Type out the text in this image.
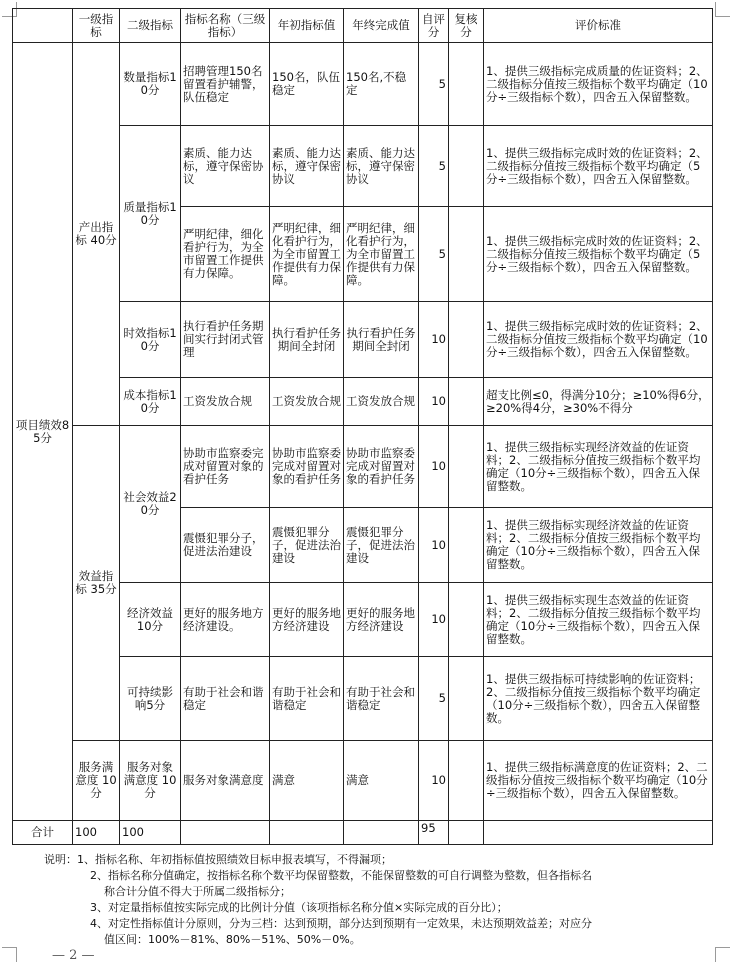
	一级指标	二级指标	指标名称（三级指标）	年初指标值	年终完成值	自评分	复核分	评价标准
项目绩效85分	产出指标 40分	数量指标10分	招聘管理150名留置看护辅警，队伍稳定	150名，队伍稳定	150名,不稳定	5		1、提供三级指标完成质量的佐证资料；2、二级指标分值按三级指标个数平均确定（10分÷三级指标个数），四舍五入保留整数。
		质量指标10分	素质、能力达标，遵守保密协议	素质、能力达标，遵守保密协议	素质、能力达标，遵守保密协议	5		1、提供三级指标完成时效的佐证资料；2、二级指标分值按三级指标个数平均确定（5分÷三级指标个数），四舍五入保留整数。
			严明纪律，细化看护行为，为全市留置工作提供有力保障。	严明纪律，细化看护行为，为全市留置工作提供有力保障。	严明纪律，细化看护行为，为全市留置工作提供有力保障。	5		1、提供三级指标完成时效的佐证资料；2、二级指标分值按三级指标个数平均确定（5分÷三级指标个数），四舍五入保留整数。
		时效指标10分	执行看护任务期间实行封闭式管理	执行看护任务期间全封闭	执行看护任务期间全封闭	10		1、提供三级指标完成时效的佐证资料；2、二级指标分值按三级指标个数平均确定（10分÷三级指标个数），四舍五入保留整数。
		成本指标10分	工资发放合规	工资发放合规	工资发放合规	10		超支比例≤0，得满分10分；≥10%得6分，≥20%得4分，≥30%不得分
	效益指标 35分	社会效益20分	协助市监察委完成对留置对象的看护任务	协助市监察委完成对留置对象的看护任务	协助市监察委完成对留置对象的看护任务	10		1、提供三级指标实现经济效益的佐证资料；2、二级指标分值按三级指标个数平均确定（10分÷三级指标个数），四舍五入保留整数。
			震慑犯罪分子，促进法治建设	震慑犯罪分子，促进法治建设	震慑犯罪分子，促进法治建设	10		1、提供三级指标实现经济效益的佐证资料；2、二级指标分值按三级指标个数平均确定（10分÷三级指标个数），四舍五入保留整数。
		经济效益 10分	更好的服务地方经济建设。	更好的服务地方经济建设	更好的服务地方经济建设	10		1、提供三级指标实现生态效益的佐证资料；2、二级指标分值按三级指标个数平均确定（10分÷三级指标个数），四舍五入保留整数。
		可持续影响5分	有助于社会和谐稳定	有助于社会和谐稳定	有助于社会和谐稳定	5		1、提供三级指标可持续影响的佐证资料；2、二级指标分值按三级指标个数平均确定（10分÷三级指标个数），四舍五入保留整数。
	服务满意度 10分	服务对象满意度 10分	服务对象满意度	满意	满意	10		1、提供三级指标满意度的佐证资料；2、二级指标分值按三级指标个数平均确定（10分÷三级指标个数），四舍五入保留整数。
合计	100	100				95		
说明：1、指标名称、年初指标值按照绩效目标申报表填写，不得漏项；
2、指标名称分值确定，按指标名称个数平均保留整数，不能保留整数的可自行调整为整数，但各指标名
称合计分值不得大于所属二级指标分；
3、对定量指标值按实际完成的比例计分值（该项指标名称分值×实际完成的百分比）；
4、对定性指标值计分原则，分为三档：达到预期，部分达到预期有一定效果，未达预期效益差；对应分
值区间：100%－81%、80%－51%、50%－0%。
— 2 —
